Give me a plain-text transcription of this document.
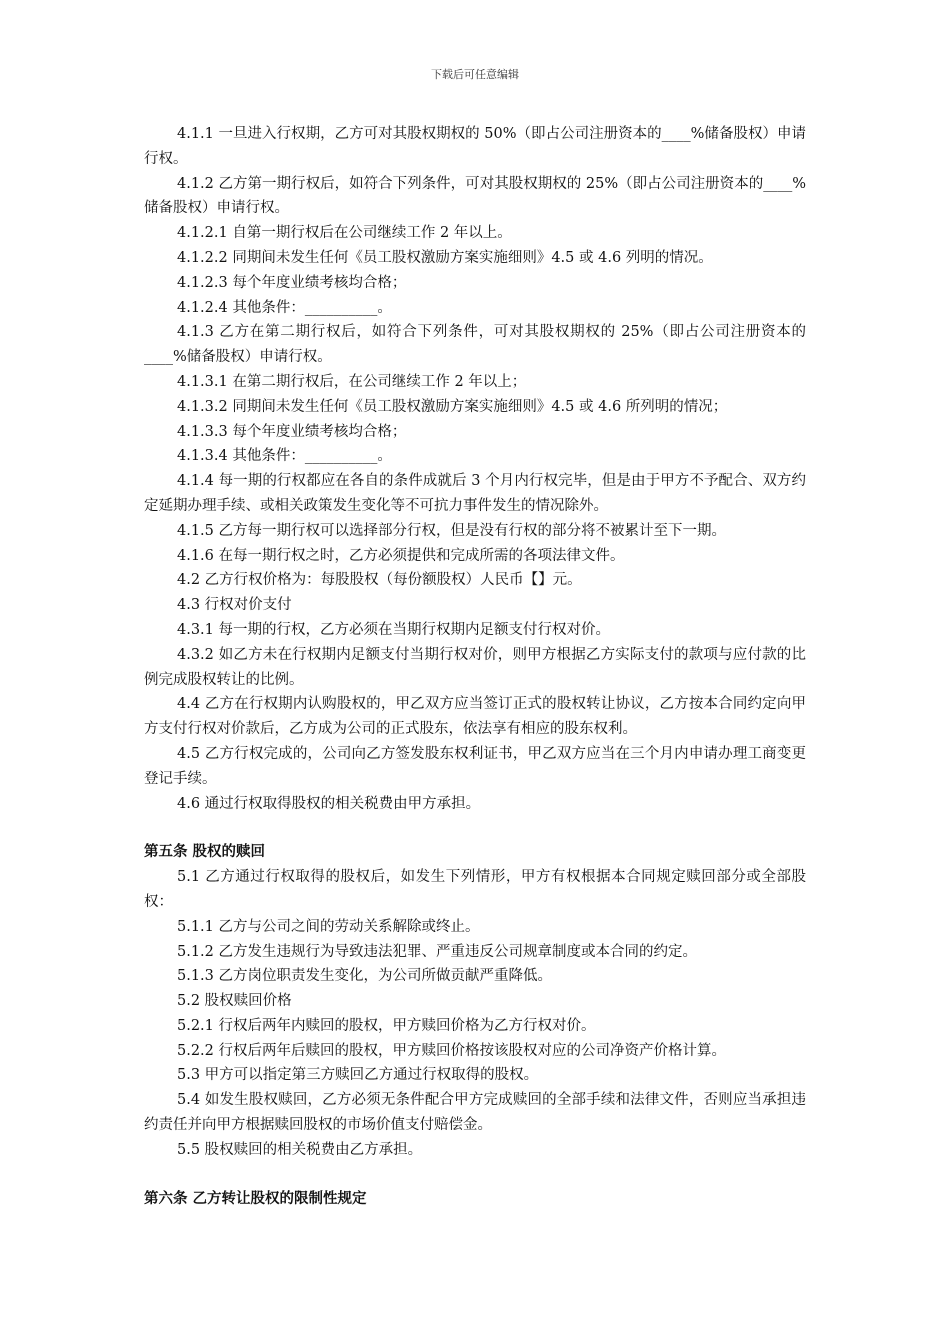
下载后可任意编辑

4.1.1 一旦进入行权期，乙方可对其股权期权的 50%（即占公司注册资本的____%储备股权）申请行权。

4.1.2 乙方第一期行权后，如符合下列条件，可对其股权期权的 25%（即占公司注册资本的____%储备股权）申请行权。

4.1.2.1 自第一期行权后在公司继续工作 2 年以上。

4.1.2.2 同期间未发生任何《员工股权激励方案实施细则》4.5 或 4.6 列明的情况。

4.1.2.3 每个年度业绩考核均合格；

4.1.2.4 其他条件：__________。

4.1.3 乙方在第二期行权后，如符合下列条件，可对其股权期权的 25%（即占公司注册资本的____%储备股权）申请行权。

4.1.3.1 在第二期行权后，在公司继续工作 2 年以上；

4.1.3.2 同期间未发生任何《员工股权激励方案实施细则》4.5 或 4.6 所列明的情况；

4.1.3.3 每个年度业绩考核均合格；

4.1.3.4 其他条件：__________。

4.1.4 每一期的行权都应在各自的条件成就后 3 个月内行权完毕，但是由于甲方不予配合、双方约定延期办理手续、或相关政策发生变化等不可抗力事件发生的情况除外。

4.1.5 乙方每一期行权可以选择部分行权，但是没有行权的部分将不被累计至下一期。

4.1.6 在每一期行权之时，乙方必须提供和完成所需的各项法律文件。

4.2 乙方行权价格为：每股股权（每份额股权）人民币【】元。

4.3 行权对价支付

4.3.1 每一期的行权，乙方必须在当期行权期内足额支付行权对价。

4.3.2 如乙方未在行权期内足额支付当期行权对价，则甲方根据乙方实际支付的款项与应付款的比例完成股权转让的比例。

4.4 乙方在行权期内认购股权的，甲乙双方应当签订正式的股权转让协议，乙方按本合同约定向甲方支付行权对价款后，乙方成为公司的正式股东，依法享有相应的股东权利。

4.5 乙方行权完成的，公司向乙方签发股东权利证书，甲乙双方应当在三个月内申请办理工商变更登记手续。

4.6 通过行权取得股权的相关税费由甲方承担。

第五条 股权的赎回

5.1 乙方通过行权取得的股权后，如发生下列情形，甲方有权根据本合同规定赎回部分或全部股权：

5.1.1 乙方与公司之间的劳动关系解除或终止。

5.1.2 乙方发生违规行为导致违法犯罪、严重违反公司规章制度或本合同的约定。

5.1.3 乙方岗位职责发生变化，为公司所做贡献严重降低。

5.2 股权赎回价格

5.2.1 行权后两年内赎回的股权，甲方赎回价格为乙方行权对价。

5.2.2 行权后两年后赎回的股权，甲方赎回价格按该股权对应的公司净资产价格计算。

5.3 甲方可以指定第三方赎回乙方通过行权取得的股权。

5.4 如发生股权赎回，乙方必须无条件配合甲方完成赎回的全部手续和法律文件，否则应当承担违约责任并向甲方根据赎回股权的市场价值支付赔偿金。

5.5 股权赎回的相关税费由乙方承担。

第六条 乙方转让股权的限制性规定
